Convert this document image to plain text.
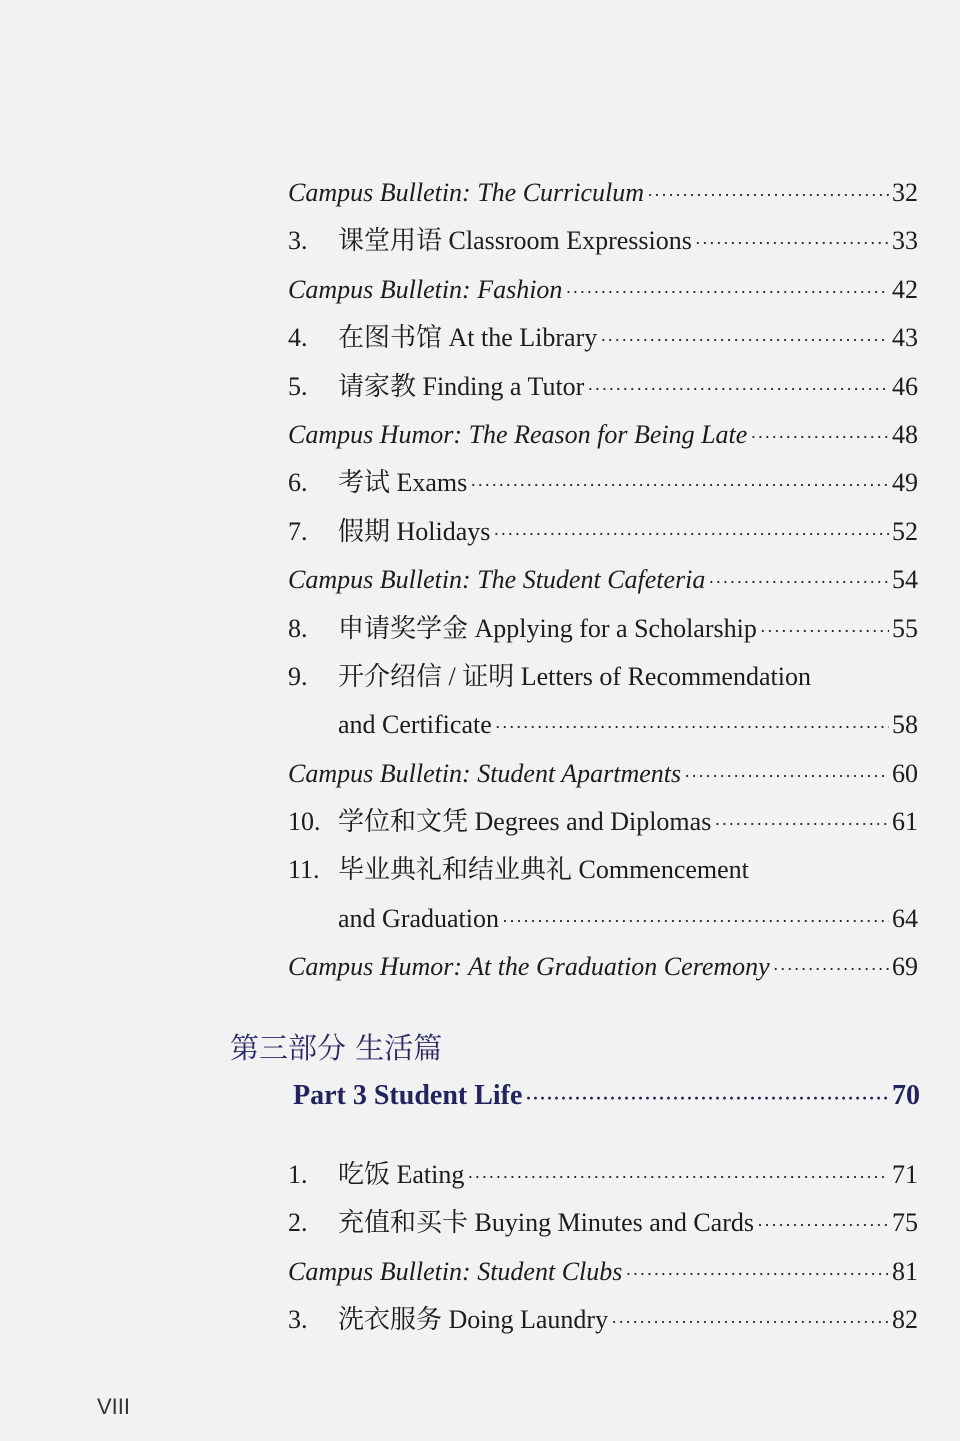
Campus Bulletin: The Curriculum ·····	32
3.	课堂用语 Classroom Expressions ·····	33
Campus Bulletin: Fashion ·····	42
4.	在图书馆 At the Library ·····	43
5.	请家教 Finding a Tutor ·····	46
Campus Humor: The Reason for Being Late ·····	48
6.	考试 Exams ·····	49
7.	假期 Holidays ·····	52
Campus Bulletin: The Student Cafeteria ·····	54
8.	申请奖学金 Applying for a Scholarship ·····	55
9.	开介绍信 / 证明 Letters of Recommendation
and Certificate ·····	58
Campus Bulletin: Student Apartments ·····	60
10. 学位和文凭 Degrees and Diplomas ·····	61
11. 毕业典礼和结业典礼 Commencement
and Graduation ·····	64
Campus Humor: At the Graduation Ceremony ·····	69
第三部分 生活篇
Part 3 Student Life ·····	70
1.	吃饭 Eating ·····	71
2.	充值和买卡 Buying Minutes and Cards ·····	75
Campus Bulletin: Student Clubs ·····	81
3.	洗衣服务 Doing Laundry ·····	82
VIII
